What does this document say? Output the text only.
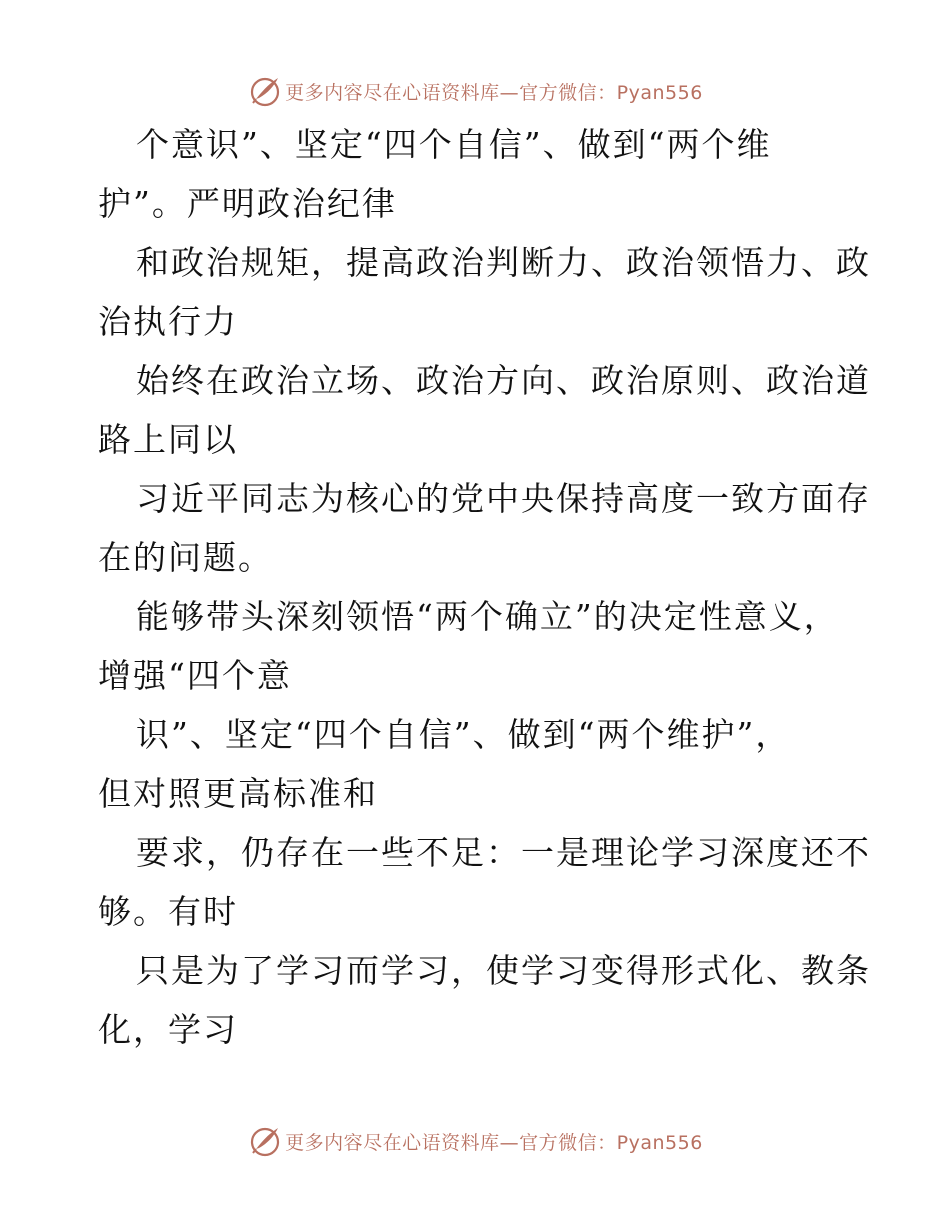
更多内容尽在心语资料库—官方微信：Pyan556
个意识”、坚定“四个自信”、做到“两个维
护”。严明政治纪律
和政治规矩，提高政治判断力、政治领悟力、政
治执行力
始终在政治立场、政治方向、政治原则、政治道
路上同以
习近平同志为核心的党中央保持高度一致方面存
在的问题。
能够带头深刻领悟“两个确立”的决定性意义，
增强“四个意
识”、坚定“四个自信”、做到“两个维护”，
但对照更高标准和
要求，仍存在一些不足：一是理论学习深度还不
够。有时
只是为了学习而学习，使学习变得形式化、教条
化，学习
更多内容尽在心语资料库—官方微信：Pyan556
